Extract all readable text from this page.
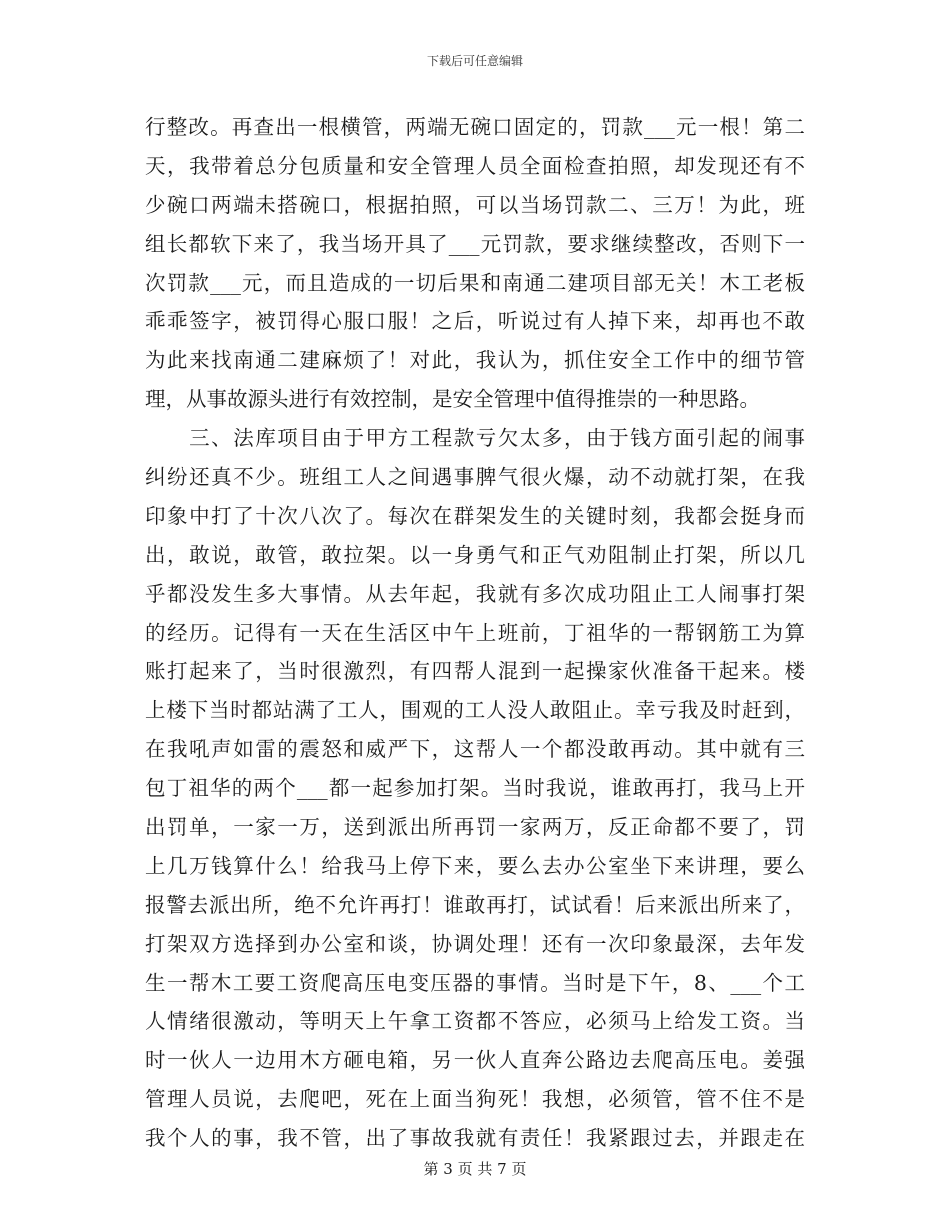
下载后可任意编辑
行整改。再查出一根横管，两端无碗口固定的，罚款___元一根！第二
天，我带着总分包质量和安全管理人员全面检查拍照，却发现还有不
少碗口两端未搭碗口，根据拍照，可以当场罚款二、三万！为此，班
组长都软下来了，我当场开具了___元罚款，要求继续整改，否则下一
次罚款___元，而且造成的一切后果和南通二建项目部无关！木工老板
乖乖签字，被罚得心服口服！之后，听说过有人掉下来，却再也不敢
为此来找南通二建麻烦了！对此，我认为，抓住安全工作中的细节管
理，从事故源头进行有效控制，是安全管理中值得推崇的一种思路。
　　三、法库项目由于甲方工程款亏欠太多，由于钱方面引起的闹事
纠纷还真不少。班组工人之间遇事脾气很火爆，动不动就打架，在我
印象中打了十次八次了。每次在群架发生的关键时刻，我都会挺身而
出，敢说，敢管，敢拉架。以一身勇气和正气劝阻制止打架，所以几
乎都没发生多大事情。从去年起，我就有多次成功阻止工人闹事打架
的经历。记得有一天在生活区中午上班前，丁祖华的一帮钢筋工为算
账打起来了，当时很激烈，有四帮人混到一起操家伙准备干起来。楼
上楼下当时都站满了工人，围观的工人没人敢阻止。幸亏我及时赶到，
在我吼声如雷的震怒和威严下，这帮人一个都没敢再动。其中就有三
包丁祖华的两个___都一起参加打架。当时我说，谁敢再打，我马上开
出罚单，一家一万，送到派出所再罚一家两万，反正命都不要了，罚
上几万钱算什么！给我马上停下来，要么去办公室坐下来讲理，要么
报警去派出所，绝不允许再打！谁敢再打，试试看！后来派出所来了，
打架双方选择到办公室和谈，协调处理！还有一次印象最深，去年发
生一帮木工要工资爬高压电变压器的事情。当时是下午，8、___个工
人情绪很激动，等明天上午拿工资都不答应，必须马上给发工资。当
时一伙人一边用木方砸电箱，另一伙人直奔公路边去爬高压电。姜强
管理人员说，去爬吧，死在上面当狗死！我想，必须管，管不住不是
我个人的事，我不管，出了事故我就有责任！我紧跟过去，并跟走在
第 3 页 共 7 页
